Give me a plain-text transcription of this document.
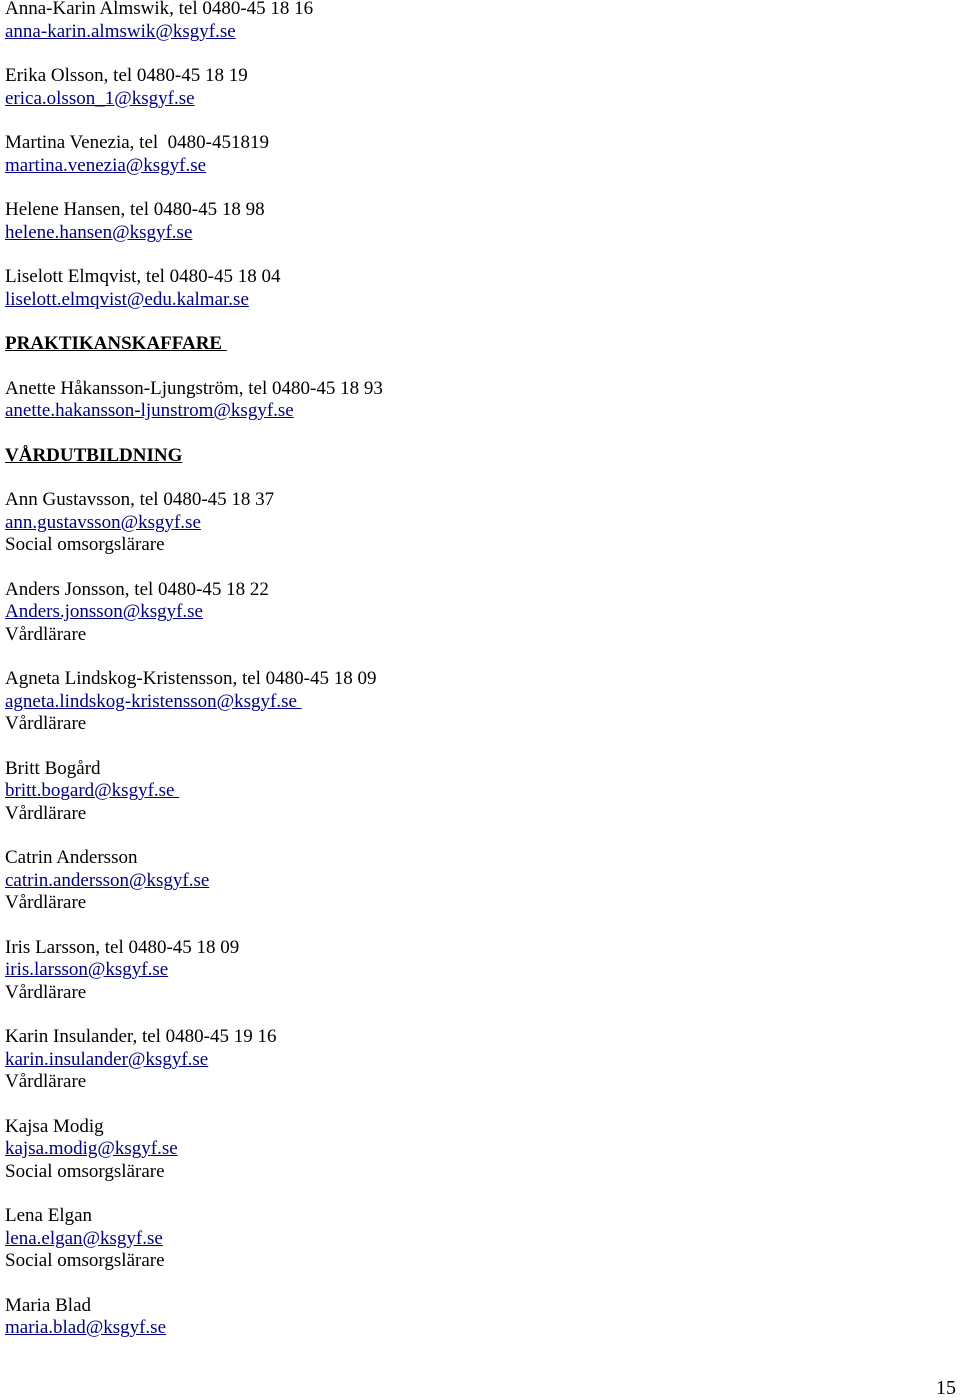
Anna-Karin Almswik, tel 0480-45 18 16
anna-karin.almswik@ksgyf.se
Erika Olsson, tel 0480-45 18 19
erica.olsson_1@ksgyf.se
Martina Venezia, tel  0480-451819
martina.venezia@ksgyf.se
Helene Hansen, tel 0480-45 18 98
helene.hansen@ksgyf.se
Liselott Elmqvist, tel 0480-45 18 04
liselott.elmqvist@edu.kalmar.se
PRAKTIKANSKAFFARE
Anette Håkansson-Ljungström, tel 0480-45 18 93
anette.hakansson-ljunstrom@ksgyf.se
VÅRDUTBILDNING
Ann Gustavsson, tel 0480-45 18 37
ann.gustavsson@ksgyf.se
Social omsorgslärare
Anders Jonsson, tel 0480-45 18 22
Anders.jonsson@ksgyf.se
Vårdlärare
Agneta Lindskog-Kristensson, tel 0480-45 18 09
agneta.lindskog-kristensson@ksgyf.se
Vårdlärare
Britt Bogård
britt.bogard@ksgyf.se
Vårdlärare
Catrin Andersson
catrin.andersson@ksgyf.se
Vårdlärare
Iris Larsson, tel 0480-45 18 09
iris.larsson@ksgyf.se
Vårdlärare
Karin Insulander, tel 0480-45 19 16
karin.insulander@ksgyf.se
Vårdlärare
Kajsa Modig
kajsa.modig@ksgyf.se
Social omsorgslärare
Lena Elgan
lena.elgan@ksgyf.se
Social omsorgslärare
Maria Blad
maria.blad@ksgyf.se
15
